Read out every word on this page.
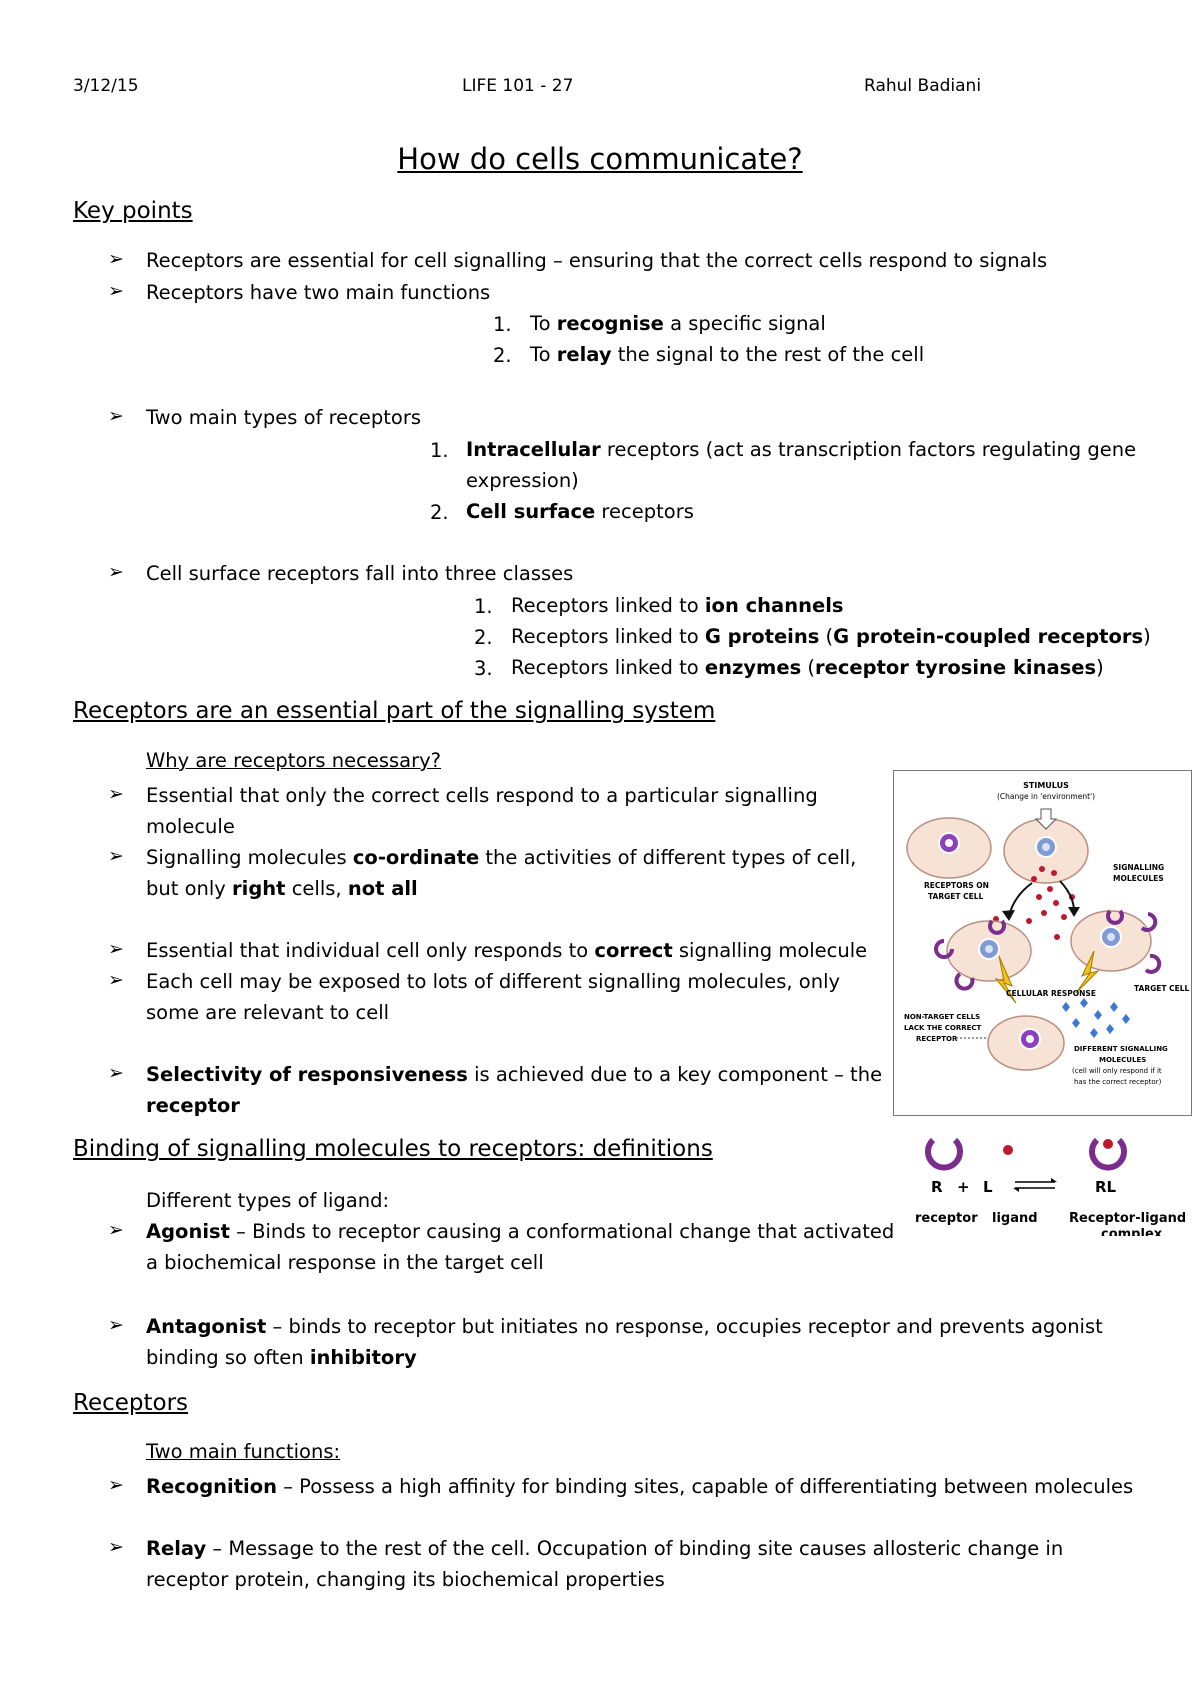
3/12/15	LIFE 101 - 27	Rahul Badiani
How do cells communicate?
Key points
➢ Receptors are essential for cell signalling – ensuring that the correct cells respond to signals
➢ Receptors have two main functions
1. To recognise a specific signal
2. To relay the signal to the rest of the cell
➢ Two main types of receptors
1. Intracellular receptors (act as transcription factors regulating gene
expression)
2. Cell surface receptors
➢ Cell surface receptors fall into three classes
1. Receptors linked to ion channels
2. Receptors linked to G proteins (G protein-coupled receptors)
3. Receptors linked to enzymes (receptor tyrosine kinases)
Receptors are an essential part of the signalling system
Why are receptors necessary?
➢ Essential that only the correct cells respond to a particular signalling
molecule
➢ Signalling molecules co-ordinate the activities of different types of cell,
but only right cells, not all
➢ Essential that individual cell only responds to correct signalling molecule
➢ Each cell may be exposed to lots of different signalling molecules, only
some are relevant to cell
➢ Selectivity of responsiveness is achieved due to a key component – the
receptor
STIMULUS
(Change in 'environment')
SIGNALLING
MOLECULES
RECEPTORS ON
TARGET CELL
CELLULAR RESPONSE
TARGET CELL
NON-TARGET CELLS
LACK THE CORRECT
RECEPTOR
DIFFERENT SIGNALLING
MOLECULES
(cell will only respond if it
has the correct receptor)
Binding of signalling molecules to receptors: definitions
Different types of ligand:
➢ Agonist – Binds to receptor causing a conformational change that activated
a biochemical response in the target cell
R + L	RL
receptor ligand Receptor-ligand
complex
➢ Antagonist – binds to receptor but initiates no response, occupies receptor and prevents agonist
binding so often inhibitory
Receptors
Two main functions:
➢ Recognition – Possess a high affinity for binding sites, capable of differentiating between molecules
➢ Relay – Message to the rest of the cell. Occupation of binding site causes allosteric change in
receptor protein, changing its biochemical properties
